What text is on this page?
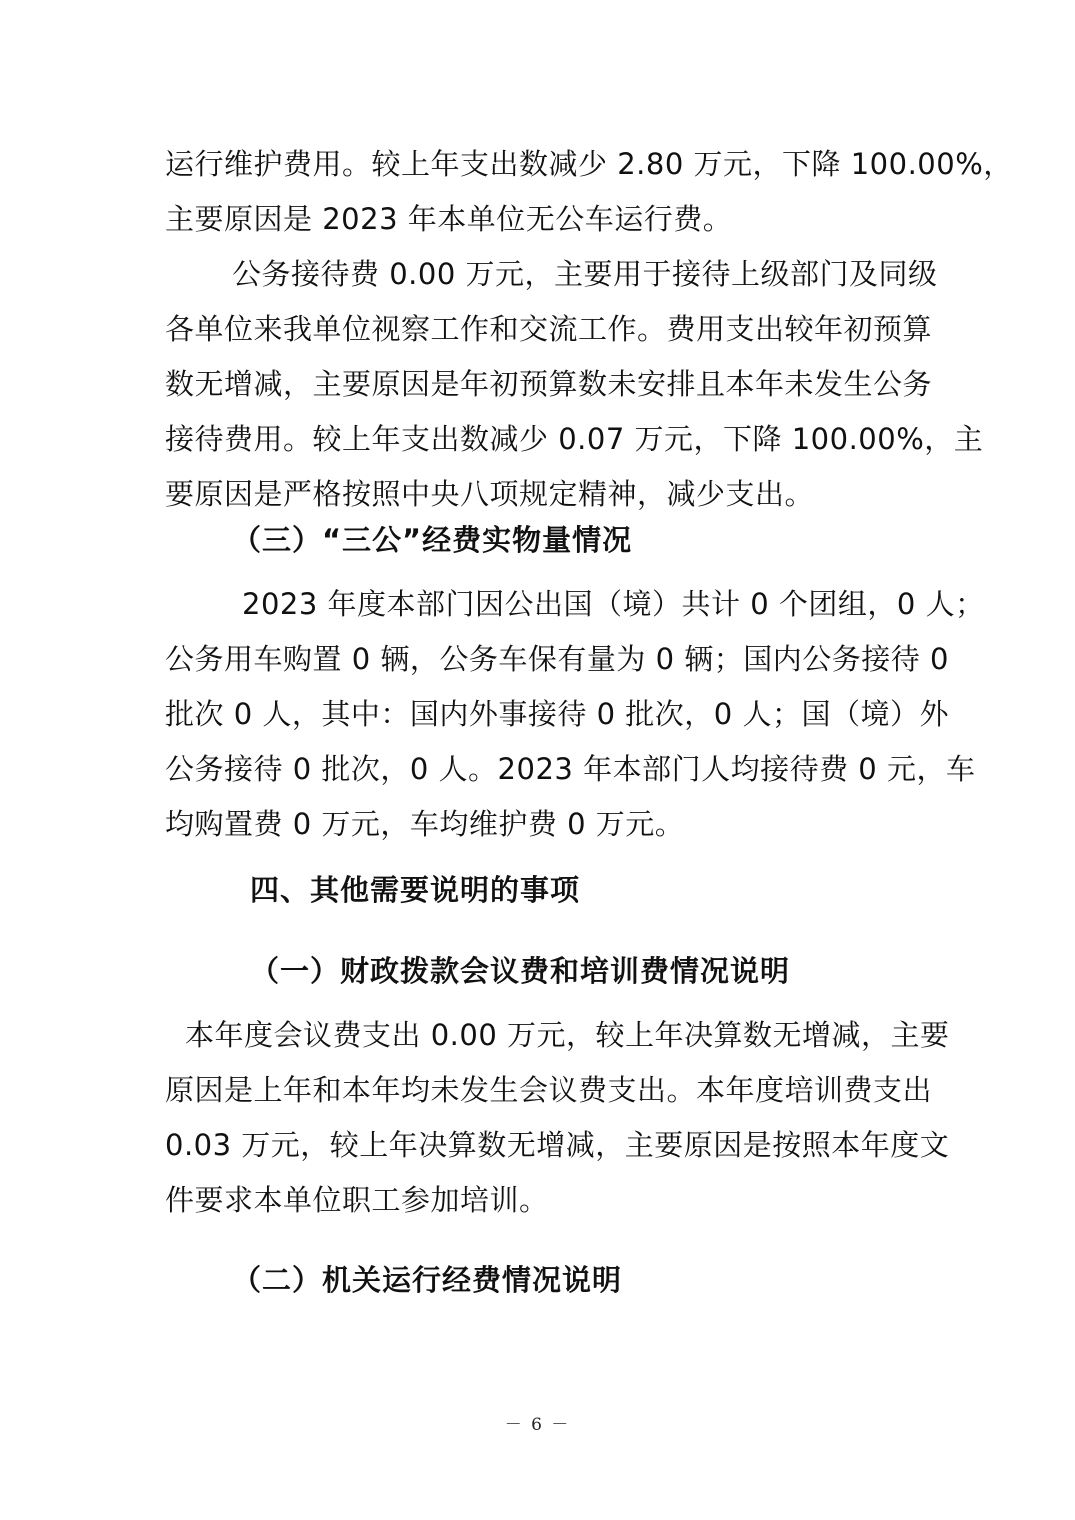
运行维护费用。较上年支出数减少 2.80 万元，下降 100.00%，
主要原因是 2023 年本单位无公车运行费。
公务接待费 0.00 万元，主要用于接待上级部门及同级
各单位来我单位视察工作和交流工作。费用支出较年初预算
数无增减，主要原因是年初预算数未安排且本年未发生公务
接待费用。较上年支出数减少 0.07 万元，下降 100.00%，主
要原因是严格按照中央八项规定精神，减少支出。
（三）“三公”经费实物量情况
2023 年度本部门因公出国（境）共计 0 个团组，0 人；
公务用车购置 0 辆，公务车保有量为 0 辆；国内公务接待 0
批次 0 人，其中：国内外事接待 0 批次，0 人；国（境）外
公务接待 0 批次，0 人。2023 年本部门人均接待费 0 元，车
均购置费 0 万元，车均维护费 0 万元。
四、其他需要说明的事项
（一）财政拨款会议费和培训费情况说明
本年度会议费支出 0.00 万元，较上年决算数无增减，主要
原因是上年和本年均未发生会议费支出。本年度培训费支出
0.03 万元，较上年决算数无增减，主要原因是按照本年度文
件要求本单位职工参加培训。
（二）机关运行经费情况说明
－ 6 －
